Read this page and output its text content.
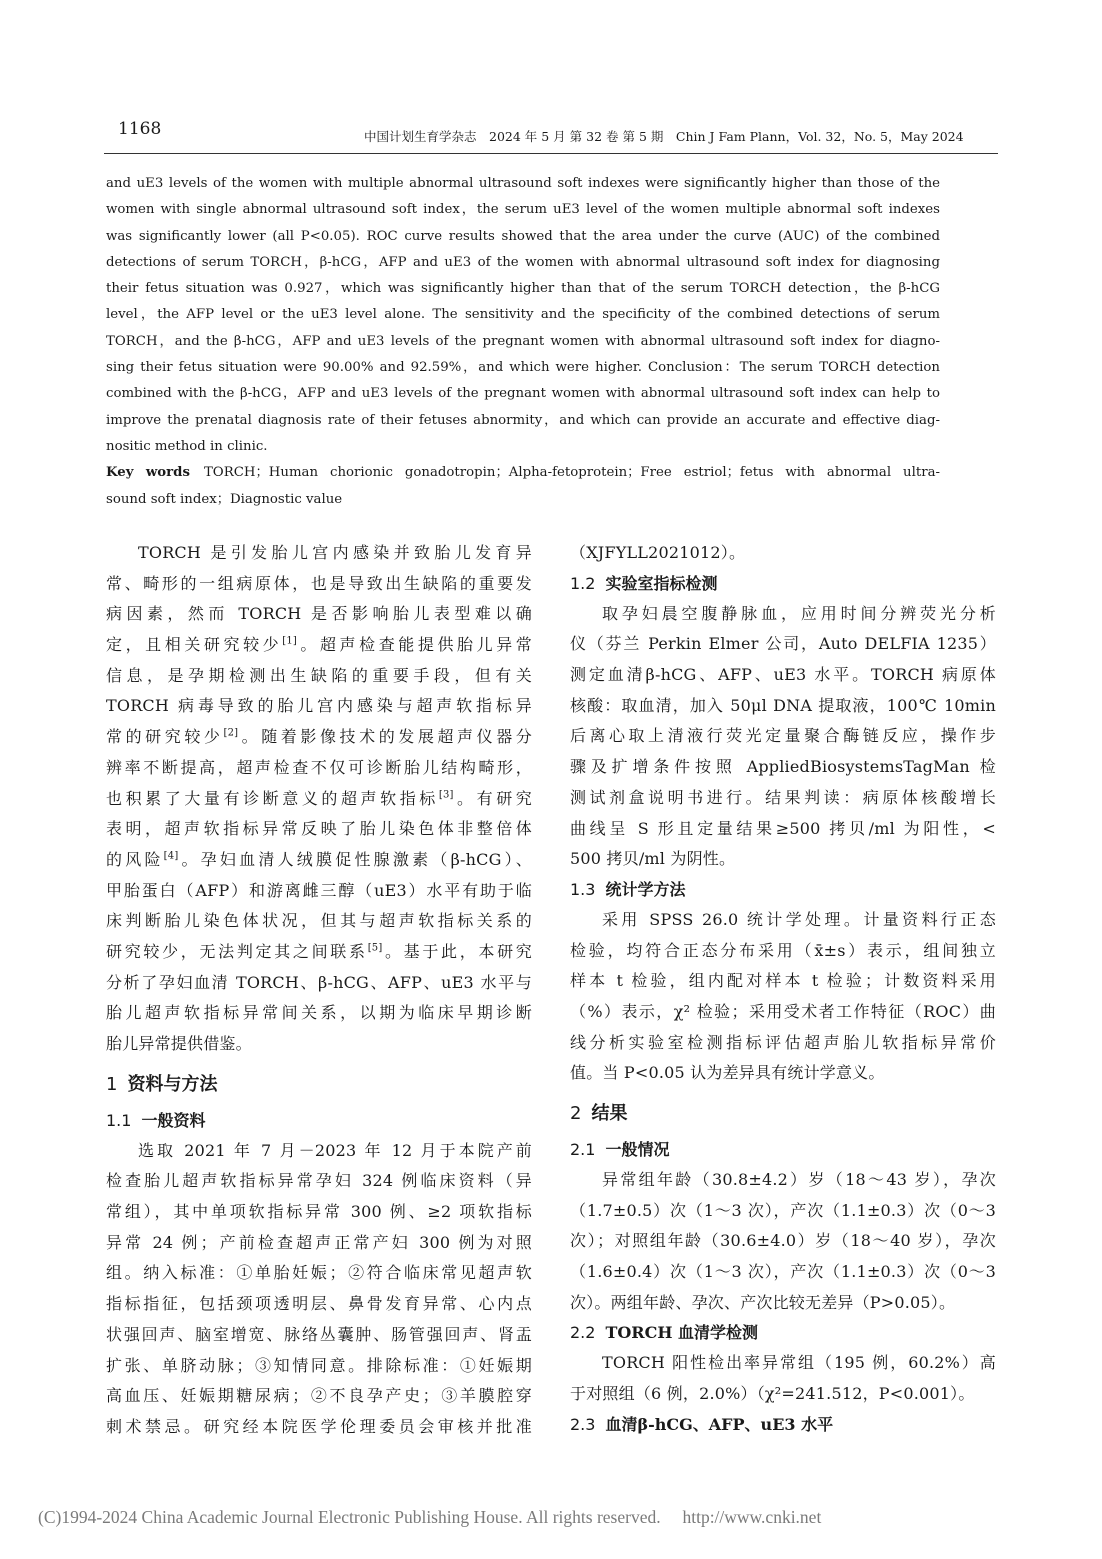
1168	中国计划生育学杂志　2024 年 5 月 第 32 卷 第 5 期　Chin J Fam Plann，Vol. 32，No. 5，May 2024
and uE3 levels of the women with multiple abnormal ultrasound soft indexes were significantly higher than those of the
women with single abnormal ultrasound soft index，the serum uE3 level of the women multiple abnormal soft indexes
was significantly lower (all P<0.05). ROC curve results showed that the area under the curve (AUC) of the combined
detections of serum TORCH，β-hCG，AFP and uE3 of the women with abnormal ultrasound soft index for diagnosing
their fetus situation was 0.927，which was significantly higher than that of the serum TORCH detection，the β-hCG
level，the AFP level or the uE3 level alone. The sensitivity and the specificity of the combined detections of serum
TORCH，and the β-hCG，AFP and uE3 levels of the pregnant women with abnormal ultrasound soft index for diagno-
sing their fetus situation were 90.00% and 92.59%，and which were higher. Conclusion：The serum TORCH detection
combined with the β-hCG，AFP and uE3 levels of the pregnant women with abnormal ultrasound soft index can help to
improve the prenatal diagnosis rate of their fetuses abnormity，and which can provide an accurate and effective diag-
nositic method in clinic.
Key words TORCH；Human chorionic gonadotropin；Alpha-fetoprotein；Free estriol；fetus with abnormal ultra-
sound soft index；Diagnostic value
TORCH 是引发胎儿宫内感染并致胎儿发育异
常、畸形的一组病原体，也是导致出生缺陷的重要发
病因素，然而 TORCH 是否影响胎儿表型难以确
定，且相关研究较少[1]。超声检查能提供胎儿异常
信息，是孕期检测出生缺陷的重要手段，但有关
TORCH 病毒导致的胎儿宫内感染与超声软指标异
常的研究较少[2]。随着影像技术的发展超声仪器分
辨率不断提高，超声检查不仅可诊断胎儿结构畸形，
也积累了大量有诊断意义的超声软指标[3]。有研究
表明，超声软指标异常反映了胎儿染色体非整倍体
的风险[4]。孕妇血清人绒膜促性腺激素（β-hCG）、
甲胎蛋白（AFP）和游离雌三醇（uE3）水平有助于临
床判断胎儿染色体状况，但其与超声软指标关系的
研究较少，无法判定其之间联系[5]。基于此，本研究
分析了孕妇血清 TORCH、β-hCG、AFP、uE3 水平与
胎儿超声软指标异常间关系，以期为临床早期诊断
胎儿异常提供借鉴。
1 资料与方法
1.1 一般资料
选取 2021 年 7 月－2023 年 12 月于本院产前
检查胎儿超声软指标异常孕妇 324 例临床资料（异
常组），其中单项软指标异常 300 例、≥2 项软指标
异常 24 例；产前检查超声正常产妇 300 例为对照
组。纳入标准：①单胎妊娠；②符合临床常见超声软
指标指征，包括颈项透明层、鼻骨发育异常、心内点
状强回声、脑室增宽、脉络丛囊肿、肠管强回声、肾盂
扩张、单脐动脉；③知情同意。排除标准：①妊娠期
高血压、妊娠期糖尿病；②不良孕产史；③羊膜腔穿
刺术禁忌。研究经本院医学伦理委员会审核并批准
（XJFYLL2021012）。
1.2 实验室指标检测
取孕妇晨空腹静脉血，应用时间分辨荧光分析
仪（芬兰 Perkin Elmer 公司，Auto DELFIA 1235）
测定血清β-hCG、AFP、uE3 水平。TORCH 病原体
核酸：取血清，加入 50μl DNA 提取液，100℃ 10min
后离心取上清液行荧光定量聚合酶链反应，操作步
骤及扩增条件按照 AppliedBiosystemsTagMan 检
测试剂盒说明书进行。结果判读：病原体核酸增长
曲线呈 S 形且定量结果≥500 拷贝/ml 为阳性，<
500 拷贝/ml 为阴性。
1.3 统计学方法
采用 SPSS 26.0 统计学处理。计量资料行正态
检验，均符合正态分布采用（x̄±s）表示，组间独立
样本 t 检验，组内配对样本 t 检验；计数资料采用
（%）表示，χ² 检验；采用受术者工作特征（ROC）曲
线分析实验室检测指标评估超声胎儿软指标异常价
值。当 P<0.05 认为差异具有统计学意义。
2 结果
2.1 一般情况
异常组年龄（30.8±4.2）岁（18～43 岁），孕次
（1.7±0.5）次（1～3 次），产次（1.1±0.3）次（0～3
次）；对照组年龄（30.6±4.0）岁（18～40 岁），孕次
（1.6±0.4）次（1～3 次），产次（1.1±0.3）次（0～3
次）。两组年龄、孕次、产次比较无差异（P>0.05）。
2.2 TORCH 血清学检测
TORCH 阳性检出率异常组（195 例，60.2%）高
于对照组（6 例，2.0%）（χ²=241.512，P<0.001）。
2.3 血清β-hCG、AFP、uE3 水平
(C)1994-2024 China Academic Journal Electronic Publishing House. All rights reserved.　 http://www.cnki.net
